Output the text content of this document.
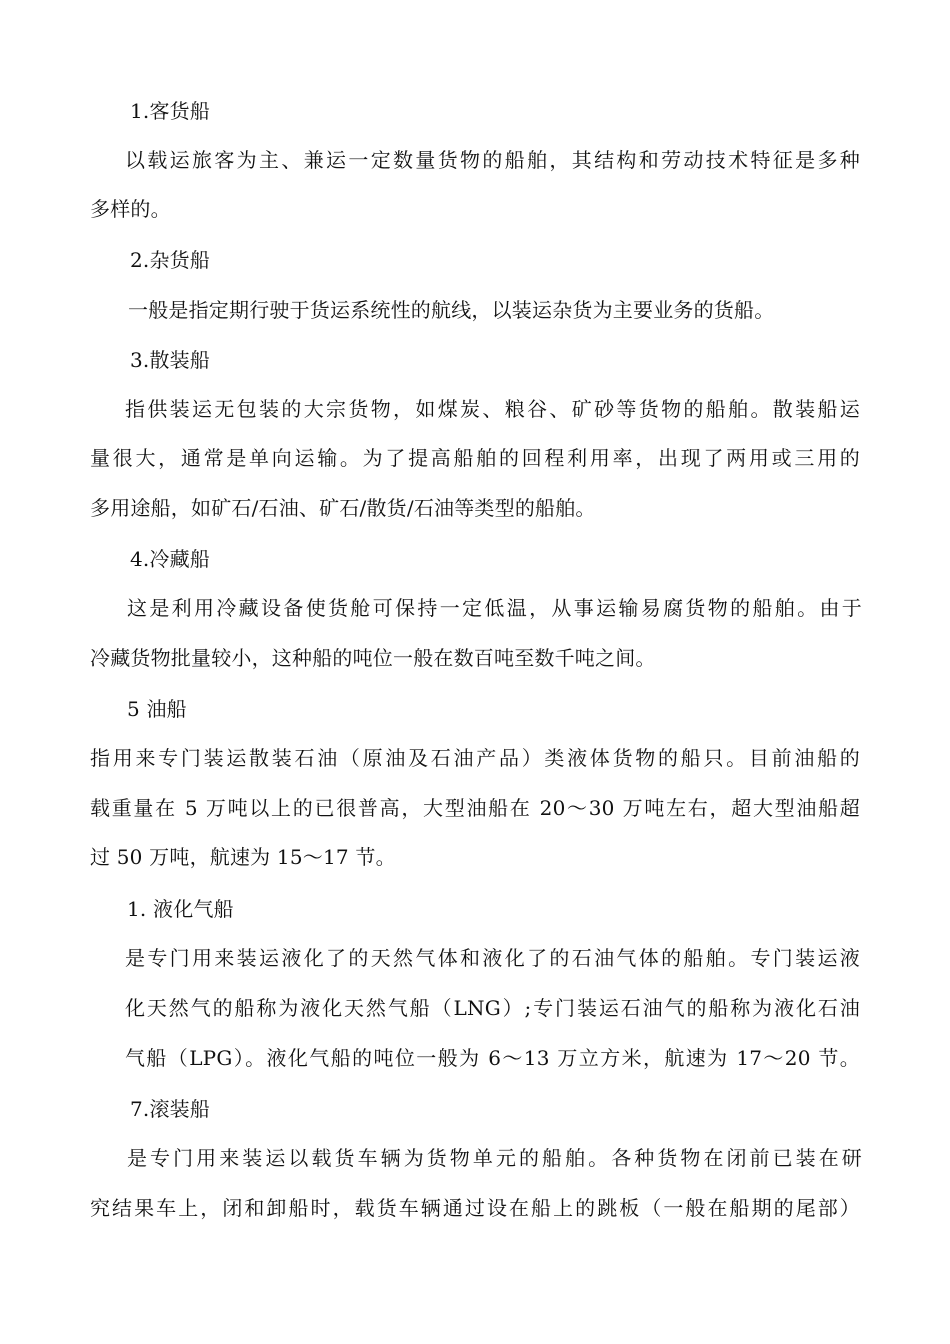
1.客货船
以载运旅客为主、兼运一定数量货物的船舶，其结构和劳动技术特征是多种
多样的。
2.杂货船
一般是指定期行驶于货运系统性的航线，以装运杂货为主要业务的货船。
3.散装船
指供装运无包装的大宗货物，如煤炭、粮谷、矿砂等货物的船舶。散装船运
量很大，通常是单向运输。为了提高船舶的回程利用率，出现了两用或三用的
多用途船，如矿石/石油、矿石/散货/石油等类型的船舶。
4.冷藏船
这是利用冷藏设备使货舱可保持一定低温，从事运输易腐货物的船舶。由于
冷藏货物批量较小，这种船的吨位一般在数百吨至数千吨之间。
5 油船
指用来专门装运散装石油（原油及石油产品）类液体货物的船只。目前油船的
载重量在 5 万吨以上的已很普高，大型油船在 20～30 万吨左右，超大型油船超
过 50 万吨，航速为 15～17 节。
1. 液化气船
是专门用来装运液化了的天然气体和液化了的石油气体的船舶。专门装运液
化天然气的船称为液化天然气船（LNG）;专门装运石油气的船称为液化石油
气船（LPG）。液化气船的吨位一般为 6～13 万立方米，航速为 17～20 节。
7.滚装船
是专门用来装运以载货车辆为货物单元的船舶。各种货物在闭前已装在研
究结果车上，闭和卸船时，载货车辆通过设在船上的跳板（一般在船期的尾部）
